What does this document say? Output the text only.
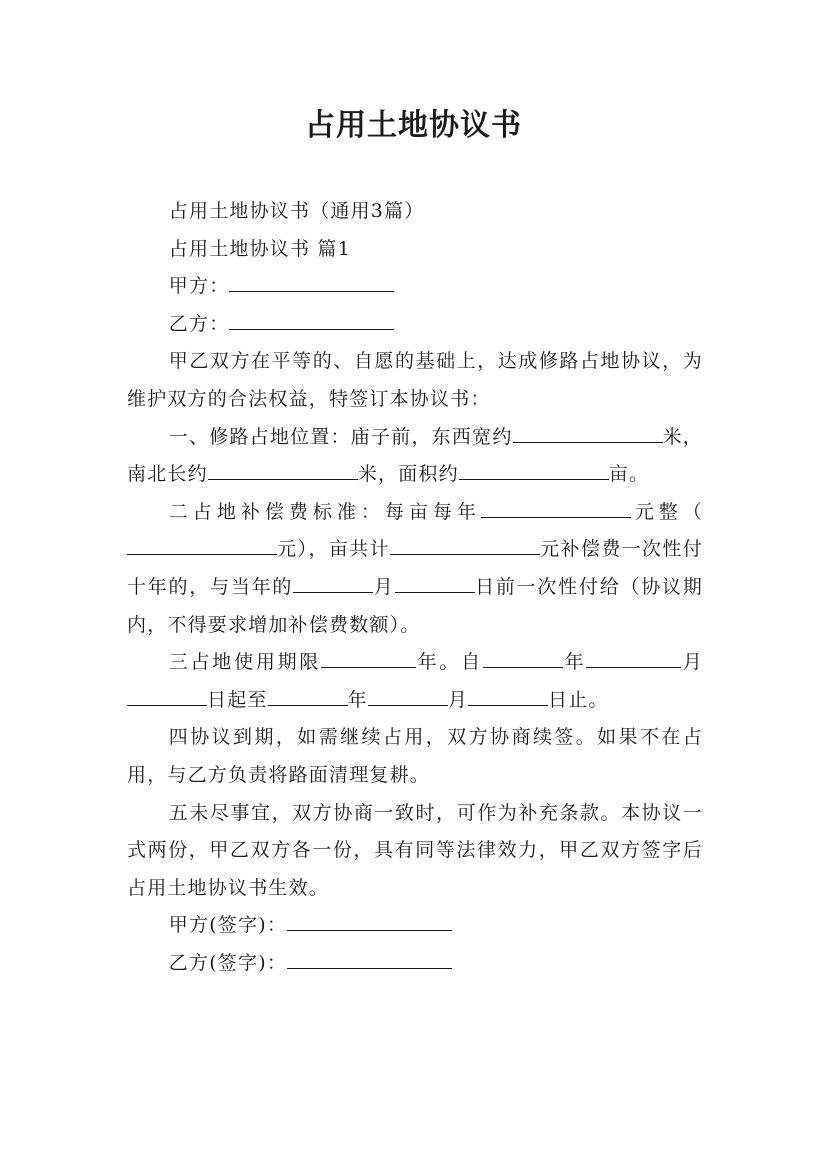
占用土地协议书

占用土地协议书（通用3篇）

占用土地协议书 篇1

甲方：

乙方：

甲乙双方在平等的、自愿的基础上，达成修路占地协议，为维护双方的合法权益，特签订本协议书：

一、修路占地位置：庙子前，东西宽约	米，南北长约	米，面积约	亩。

二占地补偿费标准：每亩每年	元整（元），亩共计	元补偿费一次性付十年的，与当年的	月	日前一次性付给（协议期内，不得要求增加补偿费数额）。

三占地使用期限	年。自	年	月日起至	年	月	日止。

四协议到期，如需继续占用，双方协商续签。如果不在占用，与乙方负责将路面清理复耕。

五未尽事宜，双方协商一致时，可作为补充条款。本协议一式两份，甲乙双方各一份，具有同等法律效力，甲乙双方签字后占用土地协议书生效。

甲方(签字)：

乙方(签字)：
